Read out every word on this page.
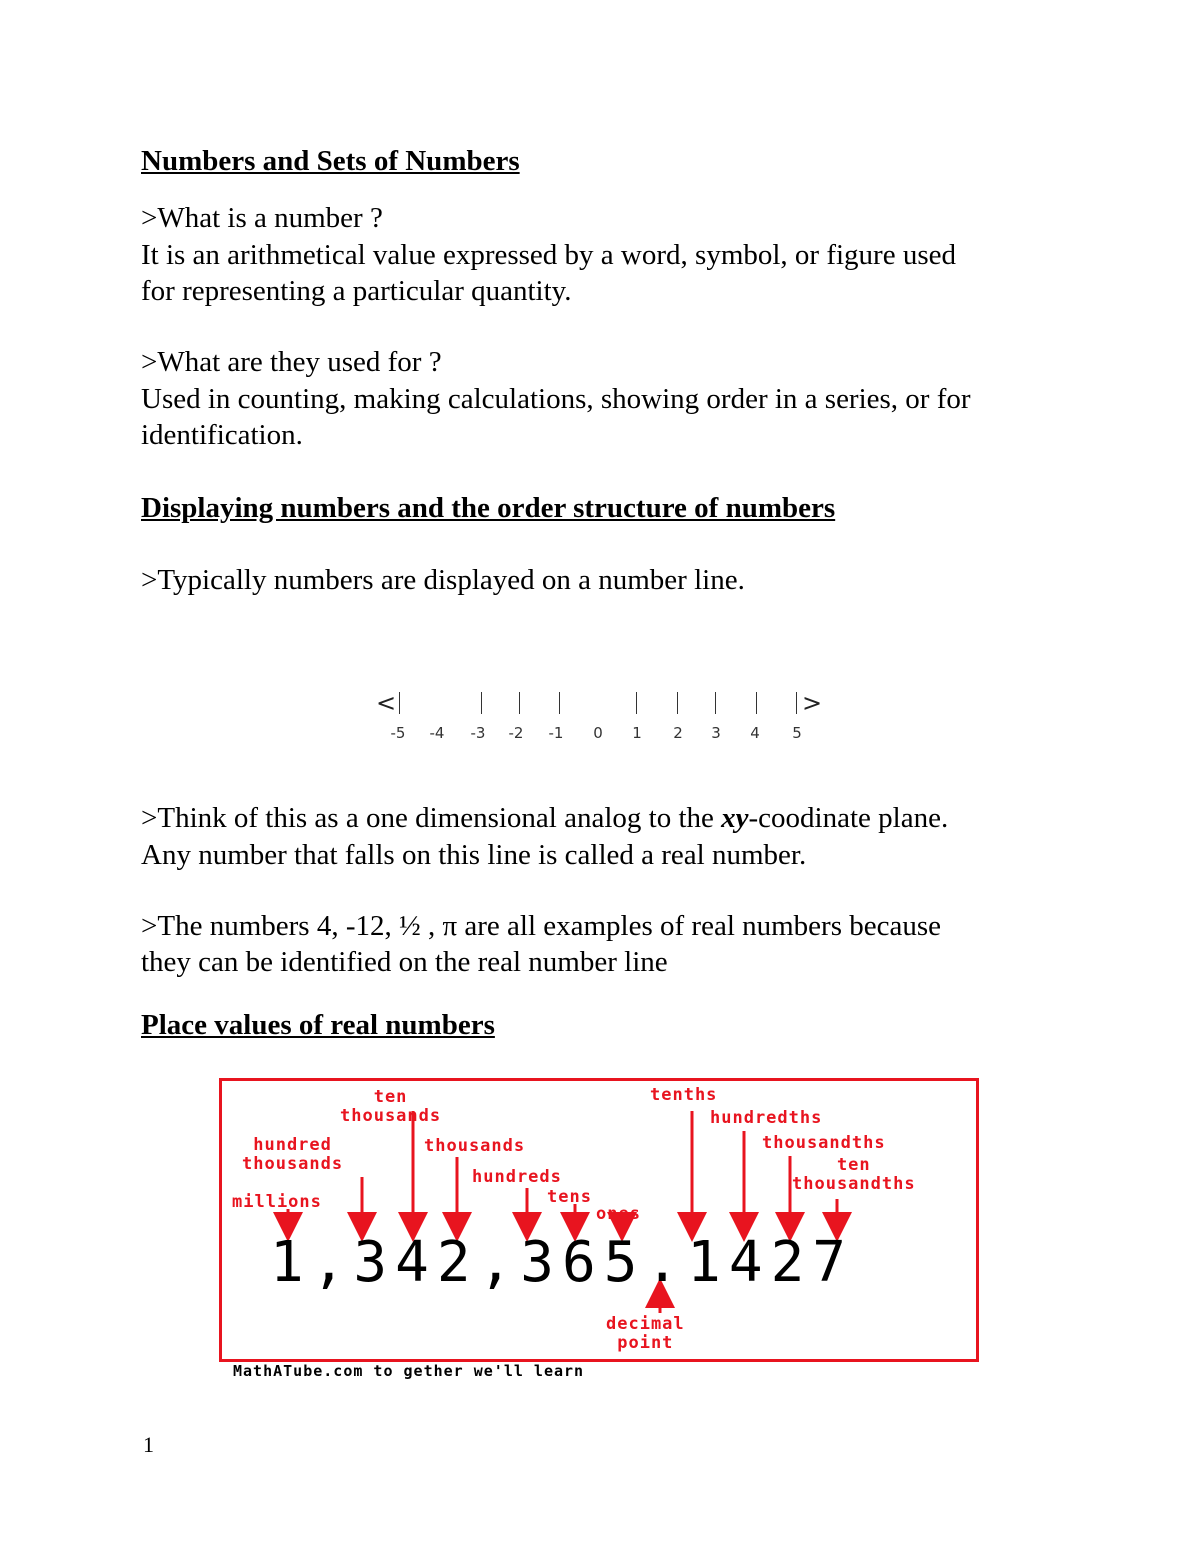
Numbers and Sets of Numbers
>What is a number ?
It is an arithmetical value expressed by a word, symbol, or figure used
for representing a particular quantity.
>What are they used for ?
Used in counting, making calculations, showing order in a series, or for
identification.
Displaying numbers and the order structure of numbers
>Typically numbers are displayed on a number line.
<	>
-5 -4 -3 -2 -1 0 1 2 3 4 5
>Think of this as a one dimensional analog to the xy-coodinate plane.
Any number that falls on this line is called a real number.
>The numbers 4, -12, ½ , π are all examples of real numbers because
they can be identified on the real number line
Place values of real numbers
millions
hundred
thousands
ten
thousands
thousands
hundreds
tens
ones
tenths
hundredths
thousandths
ten
thousandths
1,342,365.1427
decimal
point
MathATube.com to gether we'll learn
1
